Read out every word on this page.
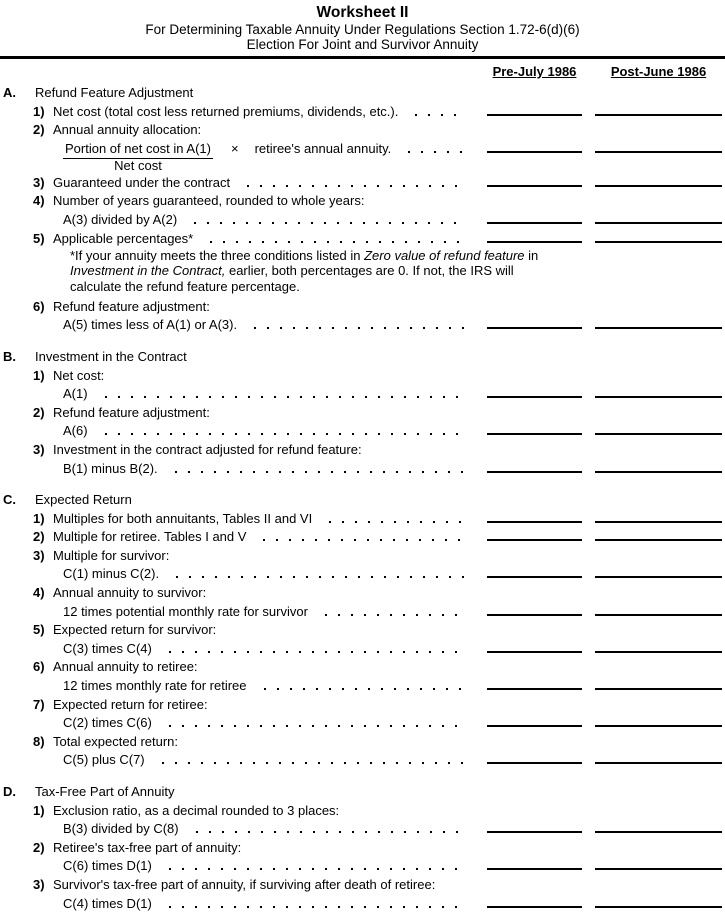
Worksheet II
For Determining Taxable Annuity Under Regulations Section 1.72-6(d)(6)
Election For Joint and Survivor Annuity
Pre-July 1986	Post-June 1986
A.	Refund Feature Adjustment
1) Net cost (total cost less returned premiums, dividends, etc.).
2) Annual annuity allocation:
$\frac{\text{Portion of net cost in A(1)}}{\text{Net cost}}$ × retiree's annual annuity.
3) Guaranteed under the contract
4) Number of years guaranteed, rounded to whole years:
A(3) divided by A(2)
5) Applicable percentages*
*If your annuity meets the three conditions listed in Zero value of refund feature in
Investment in the Contract, earlier, both percentages are 0. If not, the IRS will
calculate the refund feature percentage.
6) Refund feature adjustment:
A(5) times less of A(1) or A(3).
B.	Investment in the Contract
1) Net cost:
A(1)
2) Refund feature adjustment:
A(6)
3) Investment in the contract adjusted for refund feature:
B(1) minus B(2).
C.	Expected Return
1) Multiples for both annuitants, Tables II and VI
2) Multiple for retiree. Tables I and V
3) Multiple for survivor:
C(1) minus C(2).
4) Annual annuity to survivor:
12 times potential monthly rate for survivor
5) Expected return for survivor:
C(3) times C(4)
6) Annual annuity to retiree:
12 times monthly rate for retiree
7) Expected return for retiree:
C(2) times C(6)
8) Total expected return:
C(5) plus C(7)
D.	Tax-Free Part of Annuity
1) Exclusion ratio, as a decimal rounded to 3 places:
B(3) divided by C(8)
2) Retiree's tax-free part of annuity:
C(6) times D(1)
3) Survivor's tax-free part of annuity, if surviving after death of retiree:
C(4) times D(1)
